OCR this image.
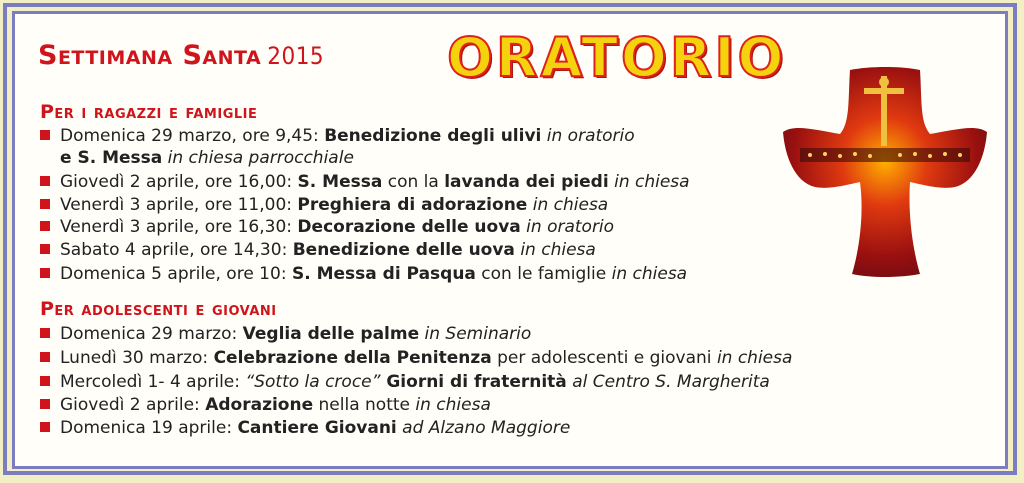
Settimana Santa 2015 ORATORIO
Per i ragazzi e famiglie
Domenica 29 marzo, ore 9,45: Benedizione degli ulivi in oratorio
e S. Messa in chiesa parrocchiale
Giovedì 2 aprile, ore 16,00: S. Messa con la lavanda dei piedi in chiesa
Venerdì 3 aprile, ore 11,00: Preghiera di adorazione in chiesa
Venerdì 3 aprile, ore 16,30: Decorazione delle uova in oratorio
Sabato 4 aprile, ore 14,30: Benedizione delle uova in chiesa
Domenica 5 aprile, ore 10: S. Messa di Pasqua con le famiglie in chiesa
Per adolescenti e giovani
Domenica 29 marzo: Veglia delle palme in Seminario
Lunedì 30 marzo: Celebrazione della Penitenza per adolescenti e giovani in chiesa
Mercoledì 1- 4 aprile: “Sotto la croce” Giorni di fraternità al Centro S. Margherita
Giovedì 2 aprile: Adorazione nella notte in chiesa
Domenica 19 aprile: Cantiere Giovani ad Alzano Maggiore
